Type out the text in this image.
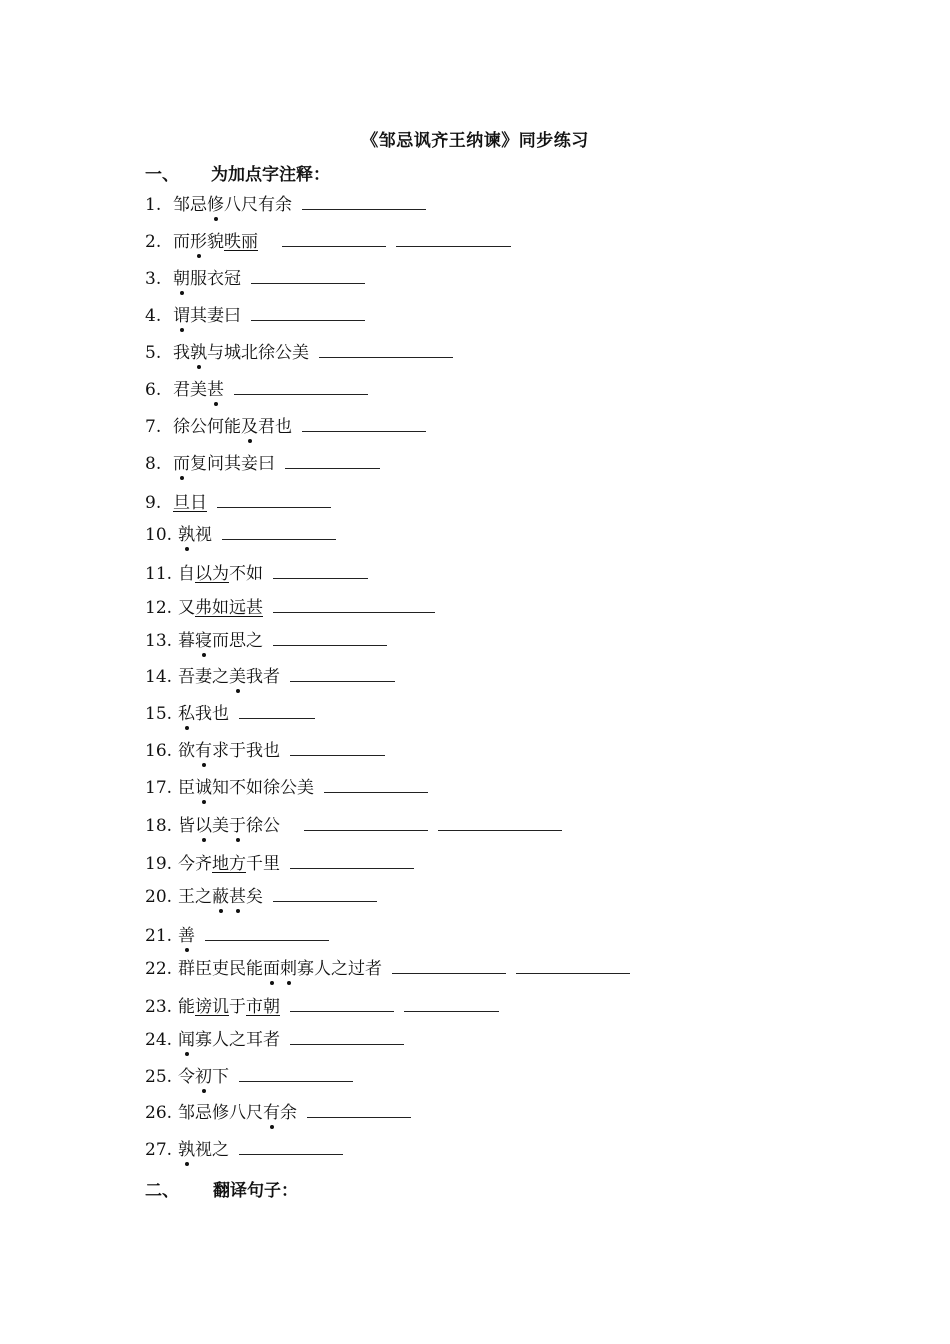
《邹忌讽齐王纳谏》同步练习
一、 为加点字注释：
1. 邹忌修八尺有余
2. 而形貌昳丽
3. 朝服衣冠
4. 谓其妻曰
5. 我孰与城北徐公美
6. 君美甚
7. 徐公何能及君也
8. 而复问其妾曰
9. 旦日
10. 孰视
11. 自以为不如
12. 又弗如远甚
13. 暮寝而思之
14. 吾妻之美我者
15. 私我也
16. 欲有求于我也
17. 臣诚知不如徐公美
18. 皆以美于徐公
19. 今齐地方千里
20. 王之蔽甚矣
21. 善
22. 群臣吏民能面刺寡人之过者
23. 能谤讥于市朝
24. 闻寡人之耳者
25. 令初下
26. 邹忌修八尺有余
27. 孰视之
二、 翻译句子：
